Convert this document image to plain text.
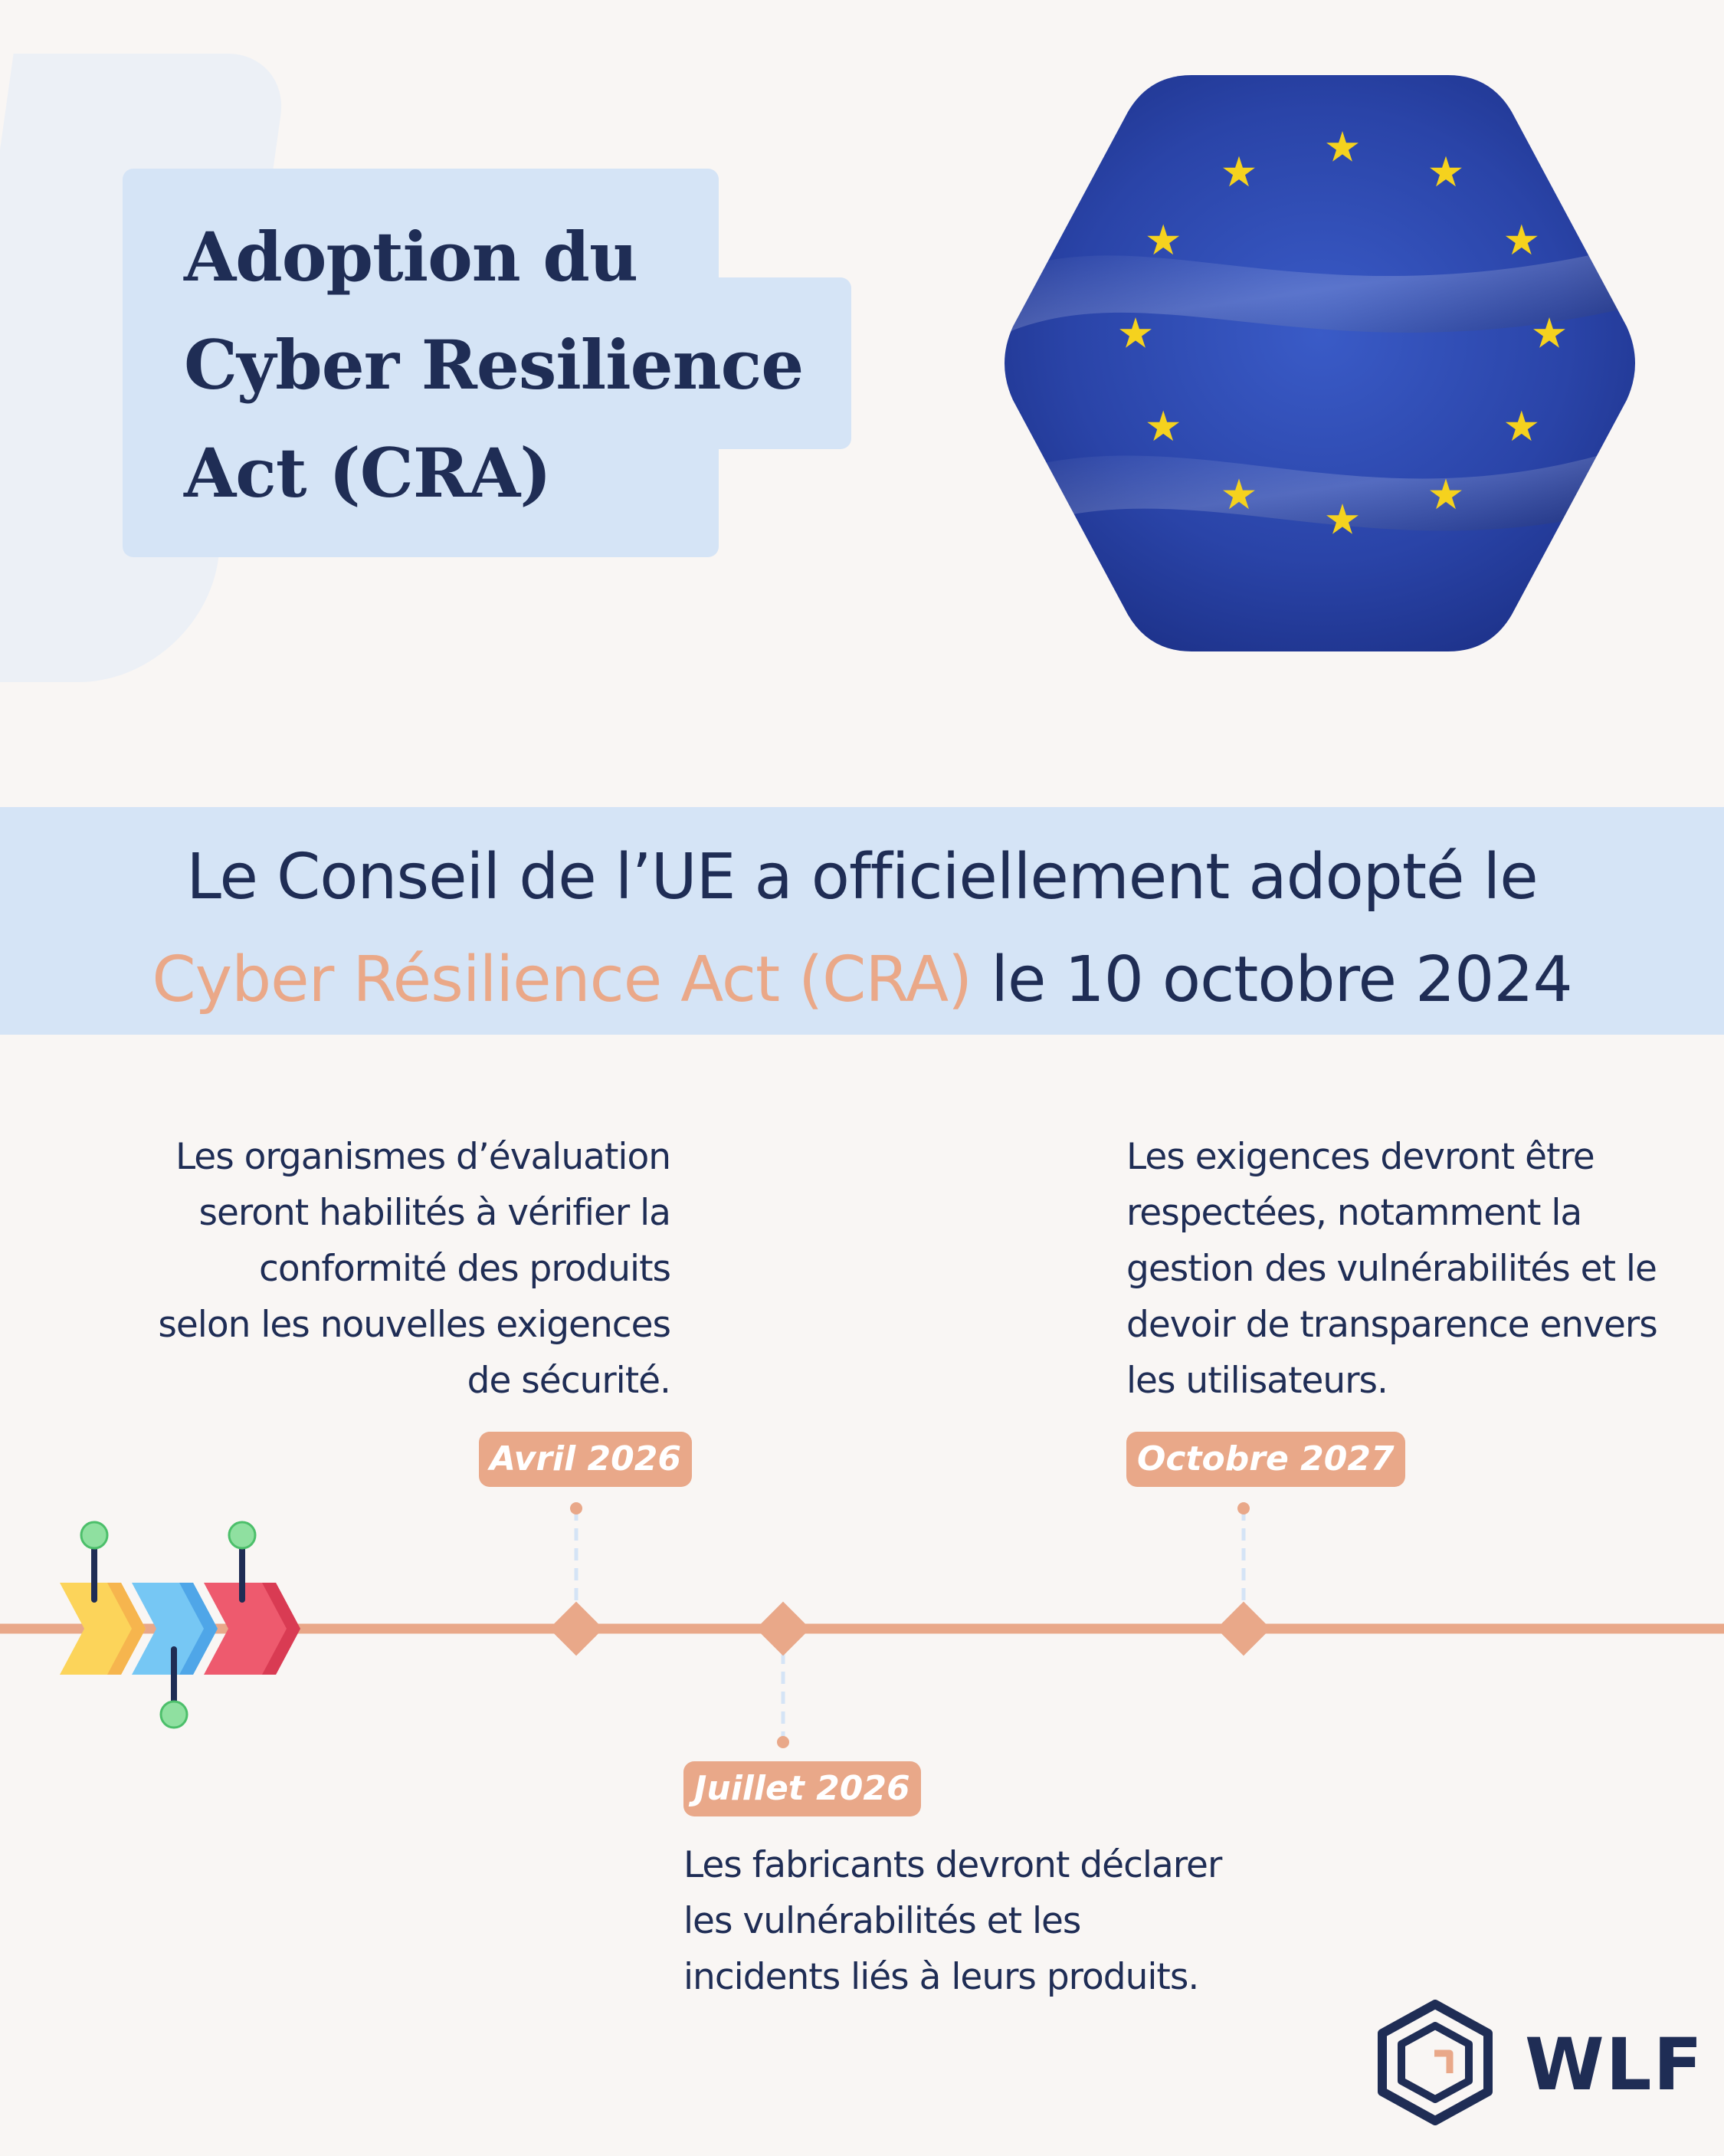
Adoption du
Cyber Resilience
Act (CRA)
Le Conseil de l’UE a officiellement adopté le
Cyber Résilience Act (CRA) le 10 octobre 2024
Les organismes d’évaluation
seront habilités à vérifier la
conformité des produits
selon les nouvelles exigences
de sécurité.
Avril 2026
Les exigences devront être
respectées, notamment la
gestion des vulnérabilités et le
devoir de transparence envers
les utilisateurs.
Octobre 2027
Juillet 2026
Les fabricants devront déclarer
les vulnérabilités et les
incidents liés à leurs produits.
WLF
